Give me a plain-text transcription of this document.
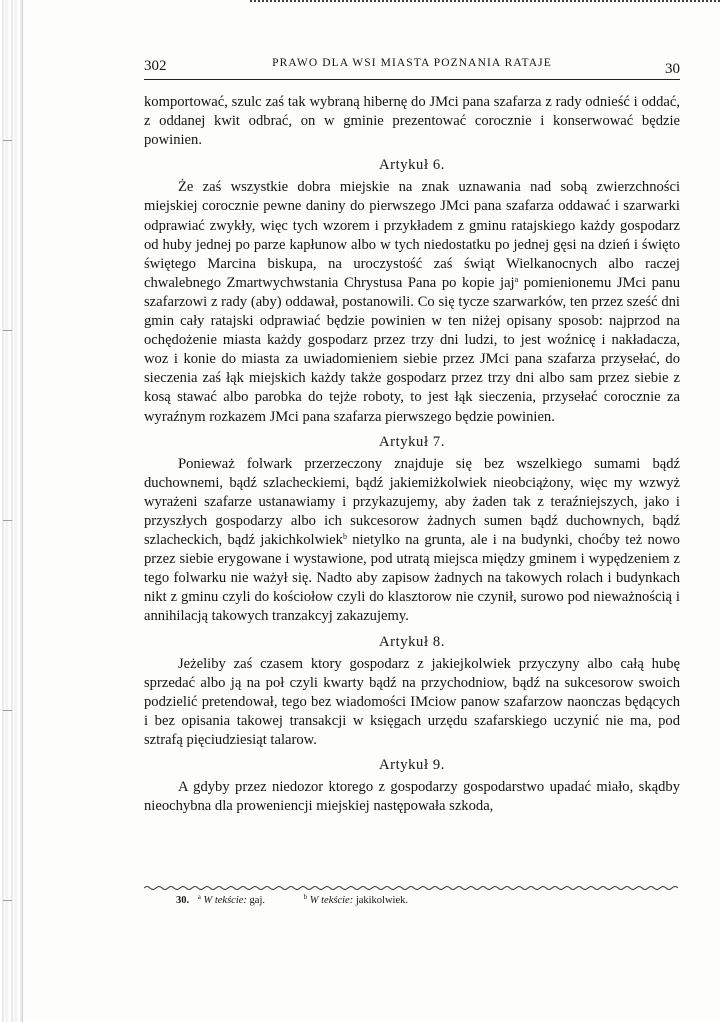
302	PRAWO DLA WSI MIASTA POZNANIA RATAJE	30

komportować, szulc zaś tak wybraną hibernę do JMci pana szafarza z rady odnieść i oddać, z oddanej kwit odbrać, on w gminie prezentować corocznie i konserwować będzie powinien.

Artykuł 6.

Że zaś wszystkie dobra miejskie na znak uznawania nad sobą zwierzchności miejskiej corocznie pewne daniny do pierwszego JMci pana szafarza oddawać i szarwarki odprawiać zwykły, więc tych wzorem i przykładem z gminu ratajskiego każdy gospodarz od huby jednej po parze kapłunow albo w tych niedostatku po jednej gęsi na dzień i święto świętego Marcina biskupa, na uroczystość zaś świąt Wielkanocnych albo raczej chwalebnego Zmartwychwstania Chrystusa Pana po kopie jaj$^a$ pomienionemu JMci panu szafarzowi z rady (aby) oddawał, postanowili. Co się tycze szarwarków, ten przez sześć dni gmin cały ratajski odprawiać będzie powinien w ten niżej opisany sposob: najprzod na ochędożenie miasta każdy gospodarz przez trzy dni ludzi, to jest woźnicę i nakładacza, woz i konie do miasta za uwiadomieniem siebie przez JMci pana szafarza przysełać, do sieczenia zaś łąk miejskich każdy także gospodarz przez trzy dni albo sam przez siebie z kosą stawać albo parobka do tejże roboty, to jest łąk sieczenia, przysełać corocznie za wyraźnym rozkazem JMci pana szafarza pierwszego będzie powinien.

Artykuł 7.

Ponieważ folwark przerzeczony znajduje się bez wszelkiego sumami bądź duchownemi, bądź szlacheckiemi, bądź jakiemiżkolwiek nieobciążony, więc my wzwyż wyrażeni szafarze ustanawiamy i przykazujemy, aby żaden tak z teraźniejszych, jako i przyszłych gospodarzy albo ich sukcesorow żadnych sumen bądź duchownych, bądź szlacheckich, bądź jakichkolwiek$^b$ nietylko na grunta, ale i na budynki, choćby też nowo przez siebie erygowane i wystawione, pod utratą miejsca między gminem i wypędzeniem z tego folwarku nie ważył się. Nadto aby zapisow żadnych na takowych rolach i budynkach nikt z gminu czyli do kościołow czyli do klasztorow nie czynił, surowo pod nieważnością i annihilacją takowych tranzakcyj zakazujemy.

Artykuł 8.

Jeżeliby zaś czasem ktory gospodarz z jakiejkolwiek przyczyny albo całą hubę sprzedać albo ją na poł czyli kwarty bądź na przychodniow, bądź na sukcesorow swoich podzielić pretendował, tego bez wiadomości IMciow panow szafarzow naonczas będących i bez opisania takowej transakcji w księgach urzędu szafarskiego uczynić nie ma, pod sztrafą pięciudziesiąt talarow.

Artykuł 9.

A gdyby przez niedozor ktorego z gospodarzy gospodarstwo upadać miało, skądby nieochybna dla proweniencji miejskiej następowała szkoda,

30. $^a$ W tekście: gaj.	$^b$ W tekście: jakikolwiek.
